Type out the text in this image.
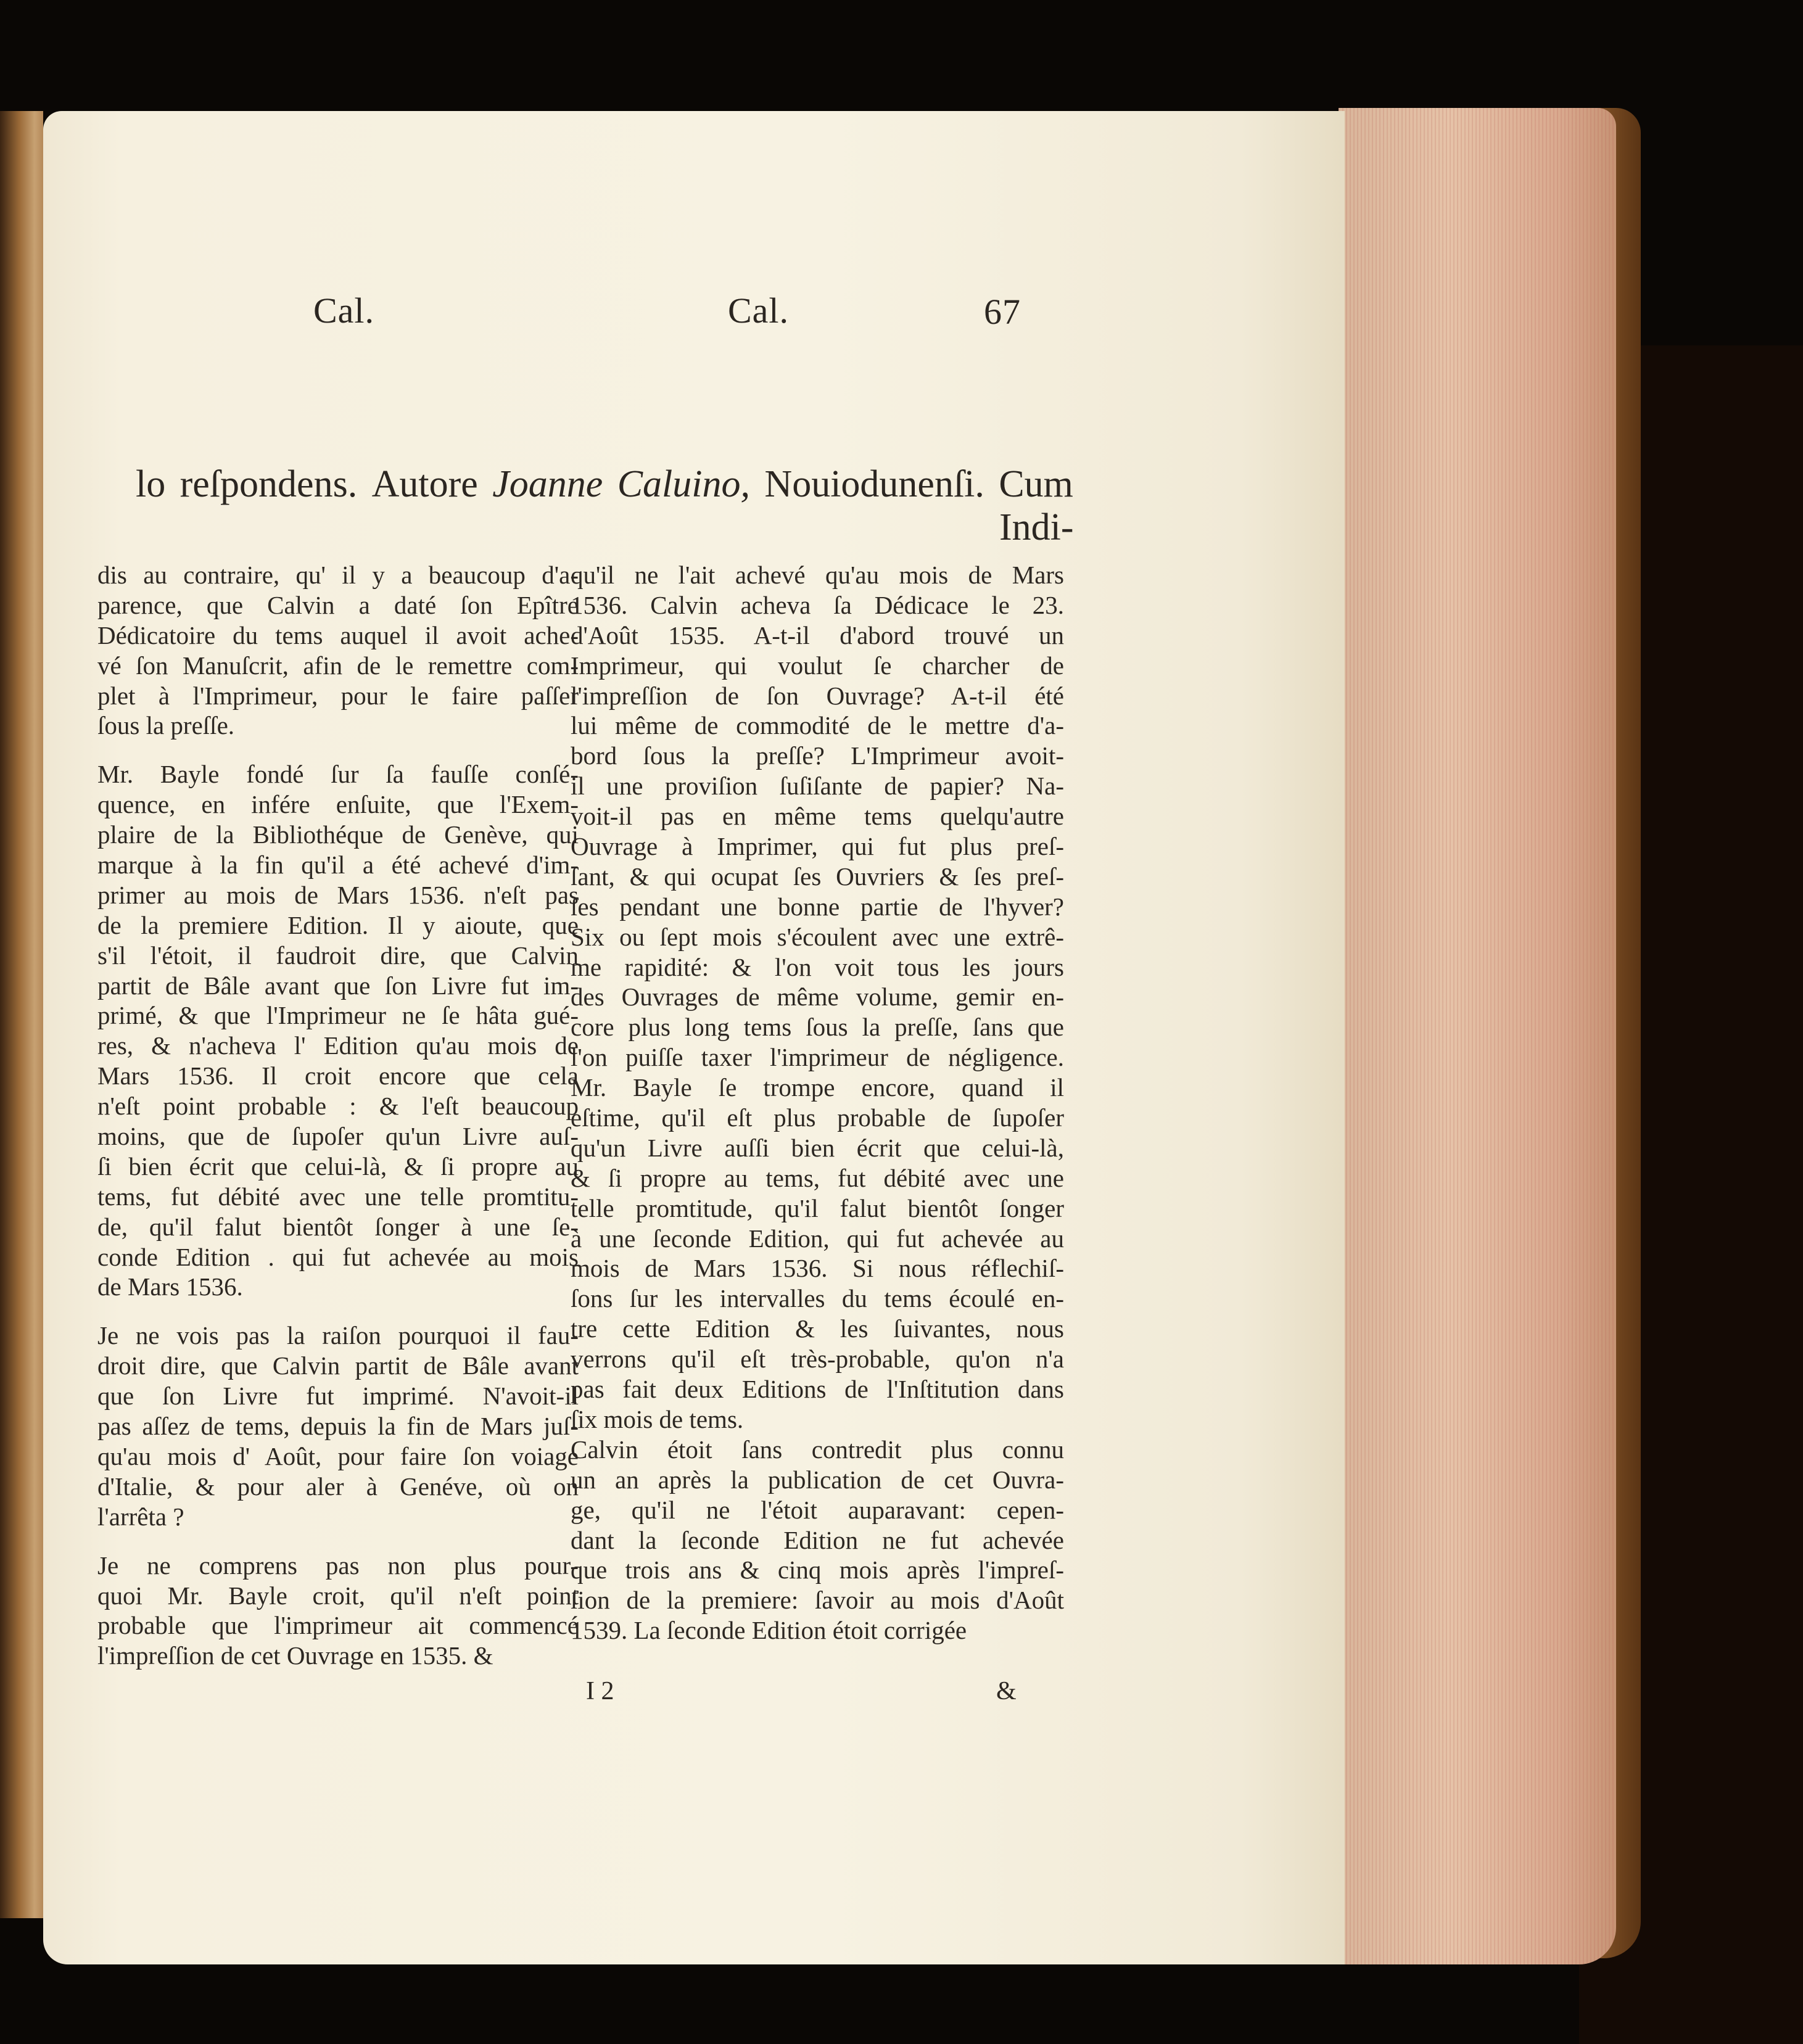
Cal.	Cal.	67
lo reſpondens. Autore Joanne Caluino, Nouiodunenſi. Cum
Indi-
dis au contraire, qu' il y a beaucoup d'a-
parence, que Calvin a daté ſon Epître
Dédicatoire du tems auquel il avoit ache-
vé ſon Manuſcrit, afin de le remettre com-
plet à l'Imprimeur, pour le faire paſſer
ſous la preſſe.
Mr. Bayle fondé ſur ſa fauſſe conſé-
quence, en infére enſuite, que l'Exem-
plaire de la Bibliothéque de Genève, qui
marque à la fin qu'il a été achevé d'im-
primer au mois de Mars 1536. n'eſt pas
de la premiere Edition. Il y aioute, que
s'il l'étoit, il faudroit dire, que Calvin
partit de Bâle avant que ſon Livre fut im-
primé, & que l'Imprimeur ne ſe hâta gué-
res, & n'acheva l' Edition qu'au mois de
Mars 1536. Il croit encore que cela
n'eſt point probable : & l'eſt beaucoup
moins, que de ſupoſer qu'un Livre auſ-
ſi bien écrit que celui-là, & ſi propre au
tems, fut débité avec une telle promtitu-
de, qu'il falut bientôt ſonger à une ſe-
conde Edition . qui fut achevée au mois
de Mars 1536.
Je ne vois pas la raiſon pourquoi il fau-
droit dire, que Calvin partit de Bâle avant
que ſon Livre fut imprimé. N'avoit-il
pas aſſez de tems, depuis la fin de Mars juſ-
qu'au mois d' Août, pour faire ſon voiage
d'Italie, & pour aler à Genéve, où on
l'arrêta ?
Je ne comprens pas non plus pour-
quoi Mr. Bayle croit, qu'il n'eſt point
probable que l'imprimeur ait commencé
l'impreſſion de cet Ouvrage en 1535. &
qu'il ne l'ait achevé qu'au mois de Mars
1536. Calvin acheva ſa Dédicace le 23.
d'Août 1535. A-t-il d'abord trouvé un
Imprimeur, qui voulut ſe charcher de
l'impreſſion de ſon Ouvrage? A-t-il été
lui même de commodité de le mettre d'a-
bord ſous la preſſe? L'Imprimeur avoit-
il une proviſion ſuſiſante de papier? Na-
voit-il pas en même tems quelqu'autre
Ouvrage à Imprimer, qui fut plus preſ-
ſant, & qui ocupat ſes Ouvriers & ſes preſ-
ſes pendant une bonne partie de l'hyver?
Six ou ſept mois s'écoulent avec une extrê-
me rapidité: & l'on voit tous les jours
des Ouvrages de même volume, gemir en-
core plus long tems ſous la preſſe, ſans que
l'on puiſſe taxer l'imprimeur de négligence.
Mr. Bayle ſe trompe encore, quand il
eſtime, qu'il eſt plus probable de ſupoſer
qu'un Livre auſſi bien écrit que celui-là,
& ſi propre au tems, fut débité avec une
telle promtitude, qu'il falut bientôt ſonger
à une ſeconde Edition, qui fut achevée au
mois de Mars 1536. Si nous réflechiſ-
ſons ſur les intervalles du tems écoulé en-
tre cette Edition & les ſuivantes, nous
verrons qu'il eſt très-probable, qu'on n'a
pas fait deux Editions de l'Inſtitution dans
ſix mois de tems.
Calvin étoit ſans contredit plus connu
un an après la publication de cet Ouvra-
ge, qu'il ne l'étoit auparavant: cepen-
dant la ſeconde Edition ne fut achevée
que trois ans & cinq mois après l'impreſ-
ſion de la premiere: ſavoir au mois d'Août
1539. La ſeconde Edition étoit corrigée
I 2	&
